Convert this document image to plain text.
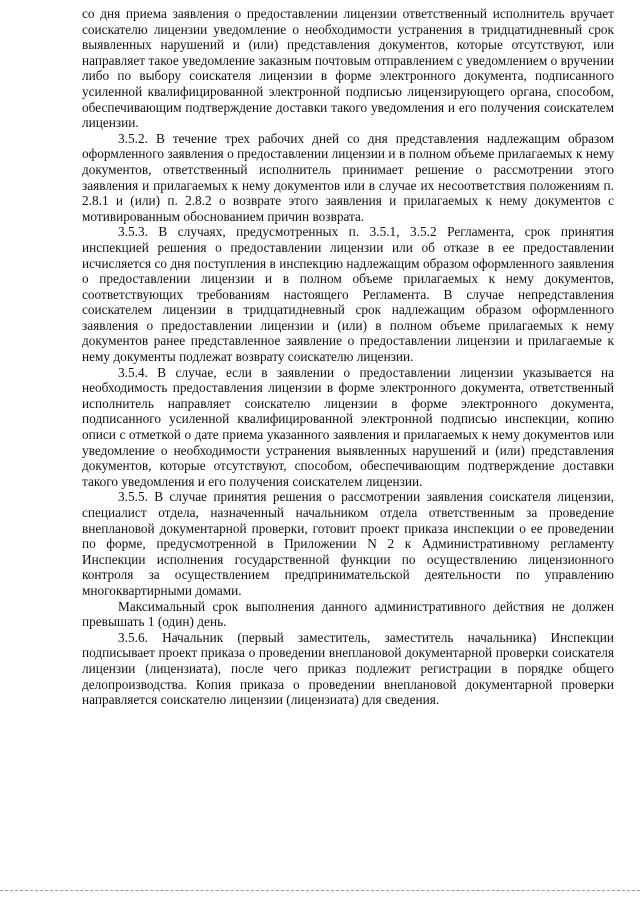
со дня приема заявления о предоставлении лицензии ответственный исполнитель вручает соискателю лицензии уведомление о необходимости устранения в тридцатидневный срок выявленных нарушений и (или) представления документов, которые отсутствуют, или направляет такое уведомление заказным почтовым отправлением с уведомлением о вручении либо по выбору соискателя лицензии в форме электронного документа, подписанного усиленной квалифицированной электронной подписью лицензирующего органа, способом, обеспечивающим подтверждение доставки такого уведомления и его получения соискателем лицензии.

3.5.2. В течение трех рабочих дней со дня представления надлежащим образом оформленного заявления о предоставлении лицензии и в полном объеме прилагаемых к нему документов, ответственный исполнитель принимает решение о рассмотрении этого заявления и прилагаемых к нему документов или в случае их несоответствия положениям п. 2.8.1 и (или) п. 2.8.2 о возврате этого заявления и прилагаемых к нему документов с мотивированным обоснованием причин возврата.

3.5.3. В случаях, предусмотренных п. 3.5.1, 3.5.2 Регламента, срок принятия инспекцией решения о предоставлении лицензии или об отказе в ее предоставлении исчисляется со дня поступления в инспекцию надлежащим образом оформленного заявления о предоставлении лицензии и в полном объеме прилагаемых к нему документов, соответствующих требованиям настоящего Регламента. В случае непредставления соискателем лицензии в тридцатидневный срок надлежащим образом оформленного заявления о предоставлении лицензии и (или) в полном объеме прилагаемых к нему документов ранее представленное заявление о предоставлении лицензии и прилагаемые к нему документы подлежат возврату соискателю лицензии.

3.5.4. В случае, если в заявлении о предоставлении лицензии указывается на необходимость предоставления лицензии в форме электронного документа, ответственный исполнитель направляет соискателю лицензии в форме электронного документа, подписанного усиленной квалифицированной электронной подписью инспекции, копию описи с отметкой о дате приема указанного заявления и прилагаемых к нему документов или уведомление о необходимости устранения выявленных нарушений и (или) представления документов, которые отсутствуют, способом, обеспечивающим подтверждение доставки такого уведомления и его получения соискателем лицензии.

3.5.5. В случае принятия решения о рассмотрении заявления соискателя лицензии, специалист отдела, назначенный начальником отдела ответственным за проведение внеплановой документарной проверки, готовит проект приказа инспекции о ее проведении по форме, предусмотренной в Приложении N 2 к Административному регламенту Инспекции исполнения государственной функции по осуществлению лицензионного контроля за осуществлением предпринимательской деятельности по управлению многоквартирными домами.

Максимальный срок выполнения данного административного действия не должен превышать 1 (один) день.

3.5.6. Начальник (первый заместитель, заместитель начальника) Инспекции подписывает проект приказа о проведении внеплановой документарной проверки соискателя лицензии (лицензиата), после чего приказ подлежит регистрации в порядке общего делопроизводства. Копия приказа о проведении внеплановой документарной проверки направляется соискателю лицензии (лицензиата) для сведения.
